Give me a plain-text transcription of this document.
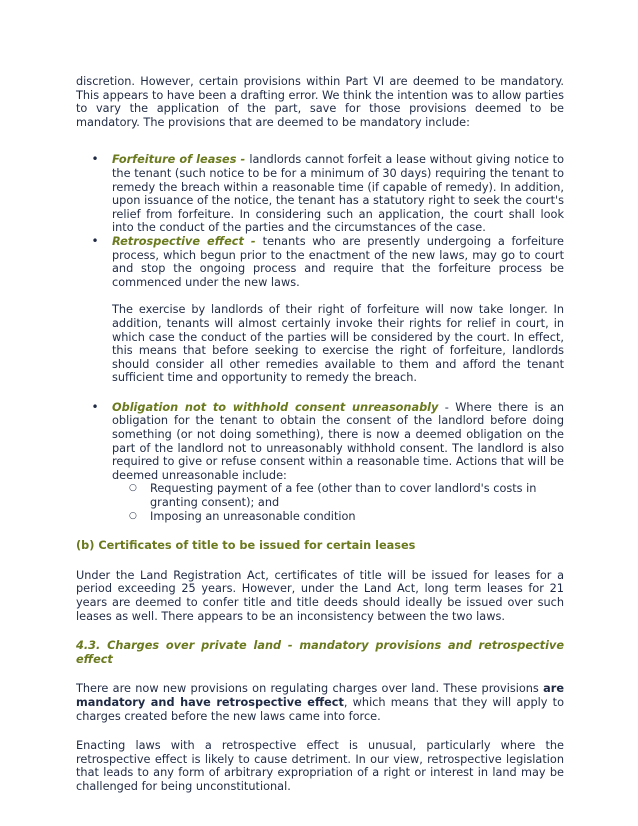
discretion. However, certain provisions within Part VI are deemed to be mandatory. This appears to have been a drafting error. We think the intention was to allow parties to vary the application of the part, save for those provisions deemed to be mandatory. The provisions that are deemed to be mandatory include:

• Forfeiture of leases - landlords cannot forfeit a lease without giving notice to the tenant (such notice to be for a minimum of 30 days) requiring the tenant to remedy the breach within a reasonable time (if capable of remedy). In addition, upon issuance of the notice, the tenant has a statutory right to seek the court's relief from forfeiture. In considering such an application, the court shall look into the conduct of the parties and the circumstances of the case.
• Retrospective effect - tenants who are presently undergoing a forfeiture process, which begun prior to the enactment of the new laws, may go to court and stop the ongoing process and require that the forfeiture process be commenced under the new laws.

The exercise by landlords of their right of forfeiture will now take longer. In addition, tenants will almost certainly invoke their rights for relief in court, in which case the conduct of the parties will be considered by the court. In effect, this means that before seeking to exercise the right of forfeiture, landlords should consider all other remedies available to them and afford the tenant sufficient time and opportunity to remedy the breach.

• Obligation not to withhold consent unreasonably - Where there is an obligation for the tenant to obtain the consent of the landlord before doing something (or not doing something), there is now a deemed obligation on the part of the landlord not to unreasonably withhold consent. The landlord is also required to give or refuse consent within a reasonable time. Actions that will be deemed unreasonable include:
○ Requesting payment of a fee (other than to cover landlord's costs in granting consent); and
○ Imposing an unreasonable condition

(b) Certificates of title to be issued for certain leases

Under the Land Registration Act, certificates of title will be issued for leases for a period exceeding 25 years. However, under the Land Act, long term leases for 21 years are deemed to confer title and title deeds should ideally be issued over such leases as well. There appears to be an inconsistency between the two laws.

4.3. Charges over private land - mandatory provisions and retrospective effect

There are now new provisions on regulating charges over land. These provisions are mandatory and have retrospective effect, which means that they will apply to charges created before the new laws came into force.

Enacting laws with a retrospective effect is unusual, particularly where the retrospective effect is likely to cause detriment. In our view, retrospective legislation that leads to any form of arbitrary expropriation of a right or interest in land may be challenged for being unconstitutional.
